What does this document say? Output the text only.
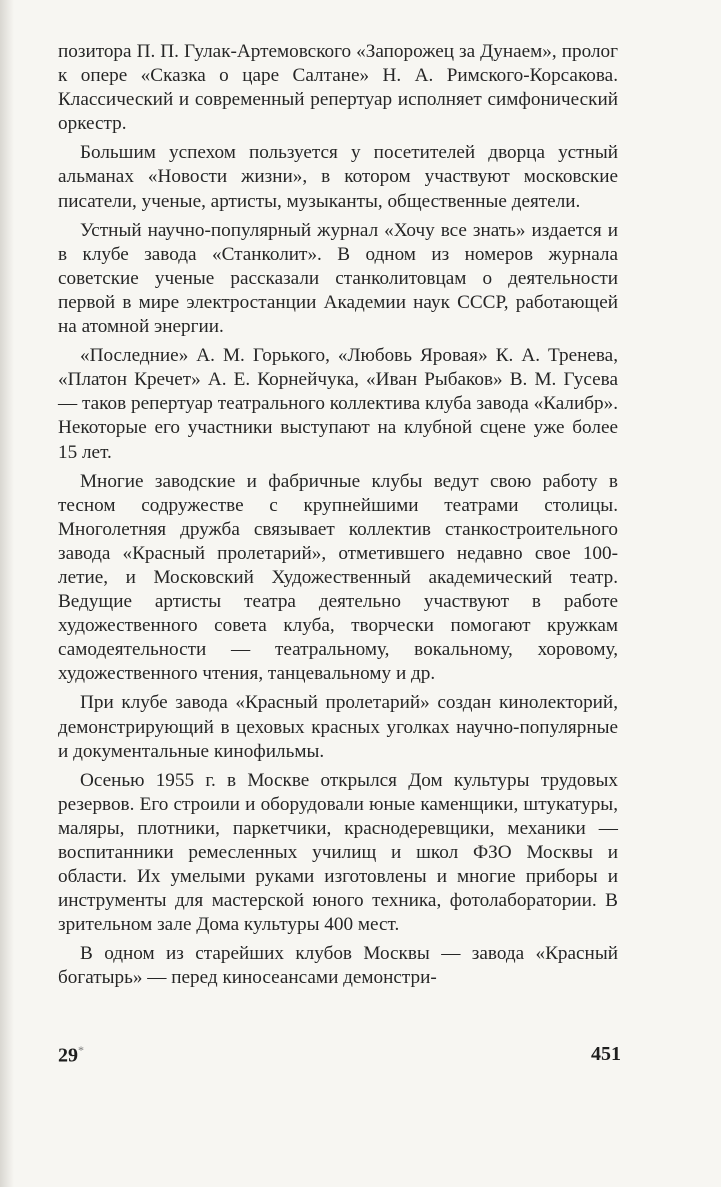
позитора П. П. Гулак-Артемовского «Запорожец за Дунаем», пролог к опере «Сказка о царе Салтане» Н. А. Римского-Корсакова. Классический и современный репертуар исполняет симфонический оркестр.

Большим успехом пользуется у посетителей дворца устный альманах «Новости жизни», в котором участвуют московские писатели, ученые, артисты, музыканты, общественные деятели.

Устный научно-популярный журнал «Хочу все знать» издается и в клубе завода «Станколит». В одном из номеров журнала советские ученые рассказали станколитовцам о деятельности первой в мире электростанции Академии наук СССР, работающей на атомной энергии.

«Последние» А. М. Горького, «Любовь Яровая» К. А. Тренева, «Платон Кречет» А. Е. Корнейчука, «Иван Рыбаков» В. М. Гусева — таков репертуар театрального коллектива клуба завода «Калибр». Некоторые его участники выступают на клубной сцене уже более 15 лет.

Многие заводские и фабричные клубы ведут свою работу в тесном содружестве с крупнейшими театрами столицы. Многолетняя дружба связывает коллектив станкостроительного завода «Красный пролетарий», отметившего недавно свое 100-летие, и Московский Художественный академический театр. Ведущие артисты театра деятельно участвуют в работе художественного совета клуба, творчески помогают кружкам самодеятельности — театральному, вокальному, хоровому, художественного чтения, танцевальному и др.

При клубе завода «Красный пролетарий» создан кинолекторий, демонстрирующий в цеховых красных уголках научно-популярные и документальные кинофильмы.

Осенью 1955 г. в Москве открылся Дом культуры трудовых резервов. Его строили и оборудовали юные каменщики, штукатуры, маляры, плотники, паркетчики, краснодеревщики, механики — воспитанники ремесленных училищ и школ ФЗО Москвы и области. Их умелыми руками изготовлены и многие приборы и инструменты для мастерской юного техника, фотолаборатории. В зрительном зале Дома культуры 400 мест.

В одном из старейших клубов Москвы — завода «Красный богатырь» — перед киносеансами демонстри-

29*	451
